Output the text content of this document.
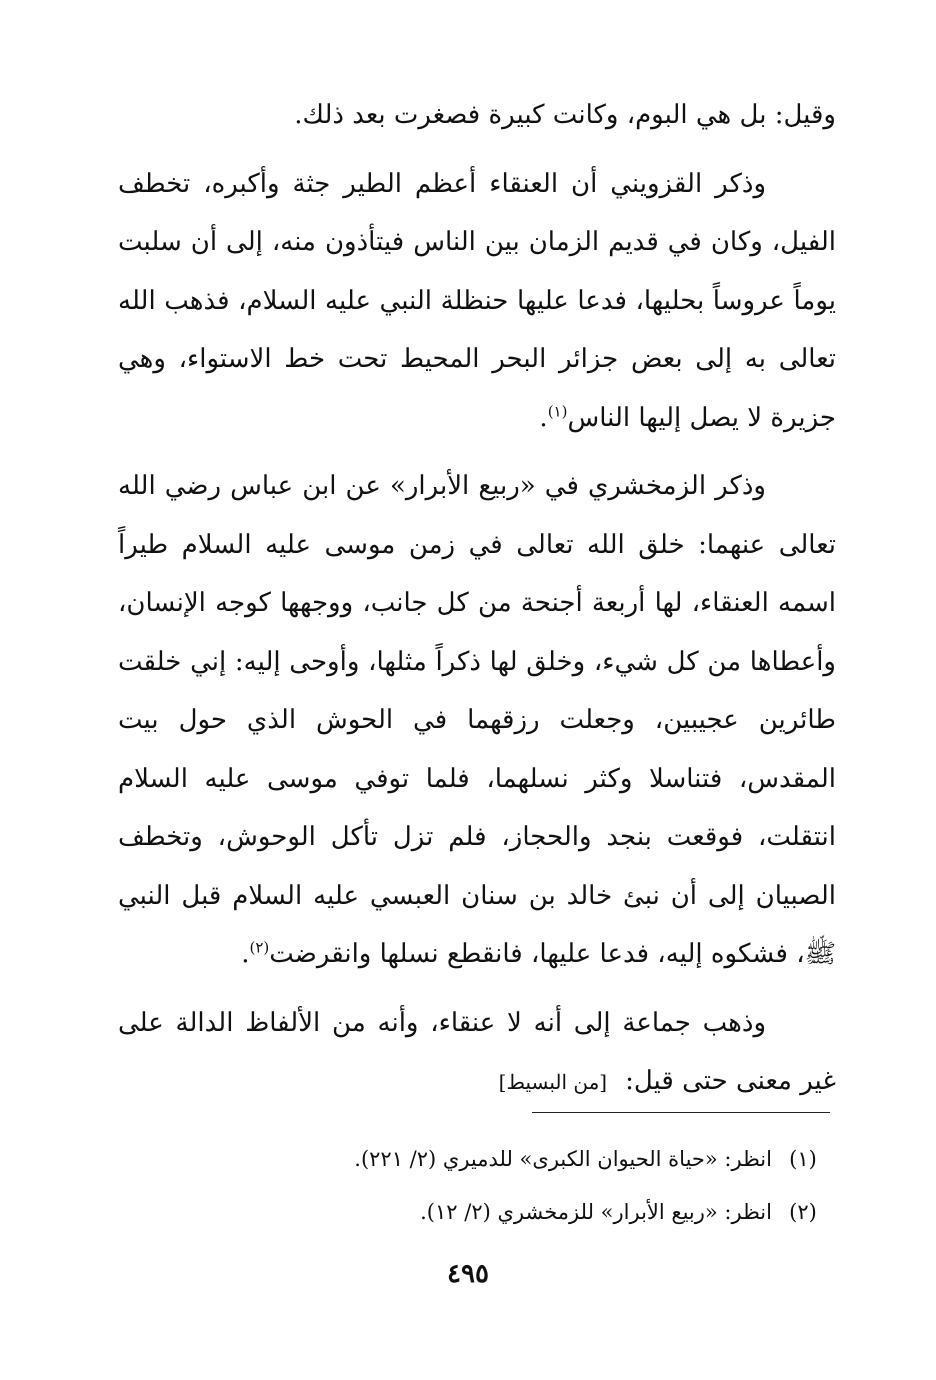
وقيل: بل هي البوم، وكانت كبيرة فصغرت بعد ذلك.

وذكر القزويني أن العنقاء أعظم الطير جثة وأكبره، تخطف الفيل، وكان في قديم الزمان بين الناس فيتأذون منه، إلى أن سلبت يوماً عروساً بحليها، فدعا عليها حنظلة النبي عليه السلام، فذهب الله تعالى به إلى بعض جزائر البحر المحيط تحت خط الاستواء، وهي جزيرة لا يصل إليها الناس$^{(١)}$.

وذكر الزمخشري في «ربيع الأبرار» عن ابن عباس رضي الله تعالى عنهما: خلق الله تعالى في زمن موسى عليه السلام طيراً اسمه العنقاء، لها أربعة أجنحة من كل جانب، ووجهها كوجه الإنسان، وأعطاها من كل شيء، وخلق لها ذكراً مثلها، وأوحى إليه: إني خلقت طائرين عجيبين، وجعلت رزقهما في الحوش الذي حول بيت المقدس، فتناسلا وكثر نسلهما، فلما توفي موسى عليه السلام انتقلت، فوقعت بنجد والحجاز، فلم تزل تأكل الوحوش، وتخطف الصبيان إلى أن نبئ خالد بن سنان العبسي عليه السلام قبل النبي ﷺ، فشكوه إليه، فدعا عليها، فانقطع نسلها وانقرضت$^{(٢)}$.

وذهب جماعة إلى أنه لا عنقاء، وأنه من الألفاظ الدالة على غير معنى حتى قيل:[من البسيط]

(١)
انظر: «حياة الحيوان الكبرى» للدميري (٢/ ٢٢١).
(٢)
انظر: «ربيع الأبرار» للزمخشري (٢/ ١٢).
٤٩٥
